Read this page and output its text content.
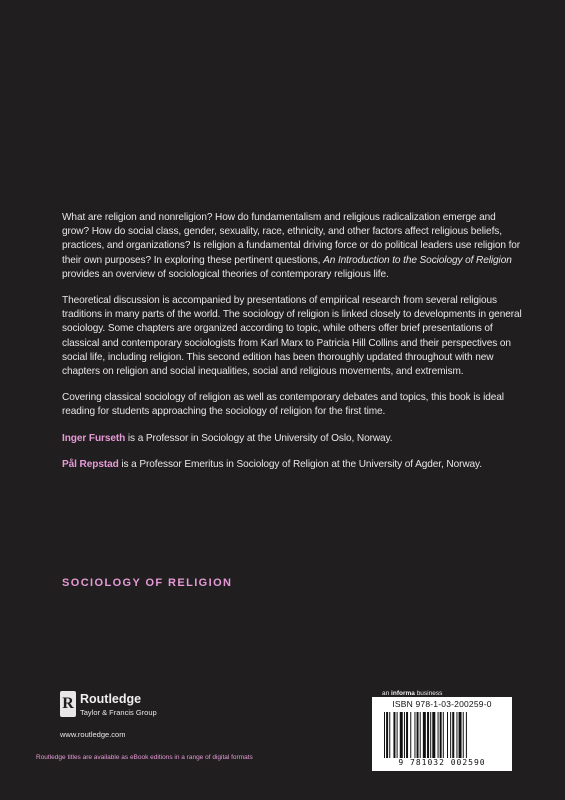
What are religion and nonreligion? How do fundamentalism and religious radicalization emerge and grow? How do social class, gender, sexuality, race, ethnicity, and other factors affect religious beliefs, practices, and organizations? Is religion a fundamental driving force or do political leaders use religion for their own purposes? In exploring these pertinent questions, An Introduction to the Sociology of Religion provides an overview of sociological theories of contemporary religious life.

Theoretical discussion is accompanied by presentations of empirical research from several religious traditions in many parts of the world. The sociology of religion is linked closely to developments in general sociology. Some chapters are organized according to topic, while others offer brief presentations of classical and contemporary sociologists from Karl Marx to Patricia Hill Collins and their perspectives on social life, including religion. This second edition has been thoroughly updated throughout with new chapters on religion and social inequalities, social and religious movements, and extremism.

Covering classical sociology of religion as well as contemporary debates and topics, this book is ideal reading for students approaching the sociology of religion for the first time.

Inger Furseth is a Professor in Sociology at the University of Oslo, Norway.

Pål Repstad is a Professor Emeritus in Sociology of Religion at the University of Agder, Norway.

SOCIOLOGY OF RELIGION
R Routledge
Taylor & Francis Group
www.routledge.com
Routledge titles are available as eBook editions in a range of digital formats
an informa business
ISBN 978-1-03-200259-0
9 781032 002590
